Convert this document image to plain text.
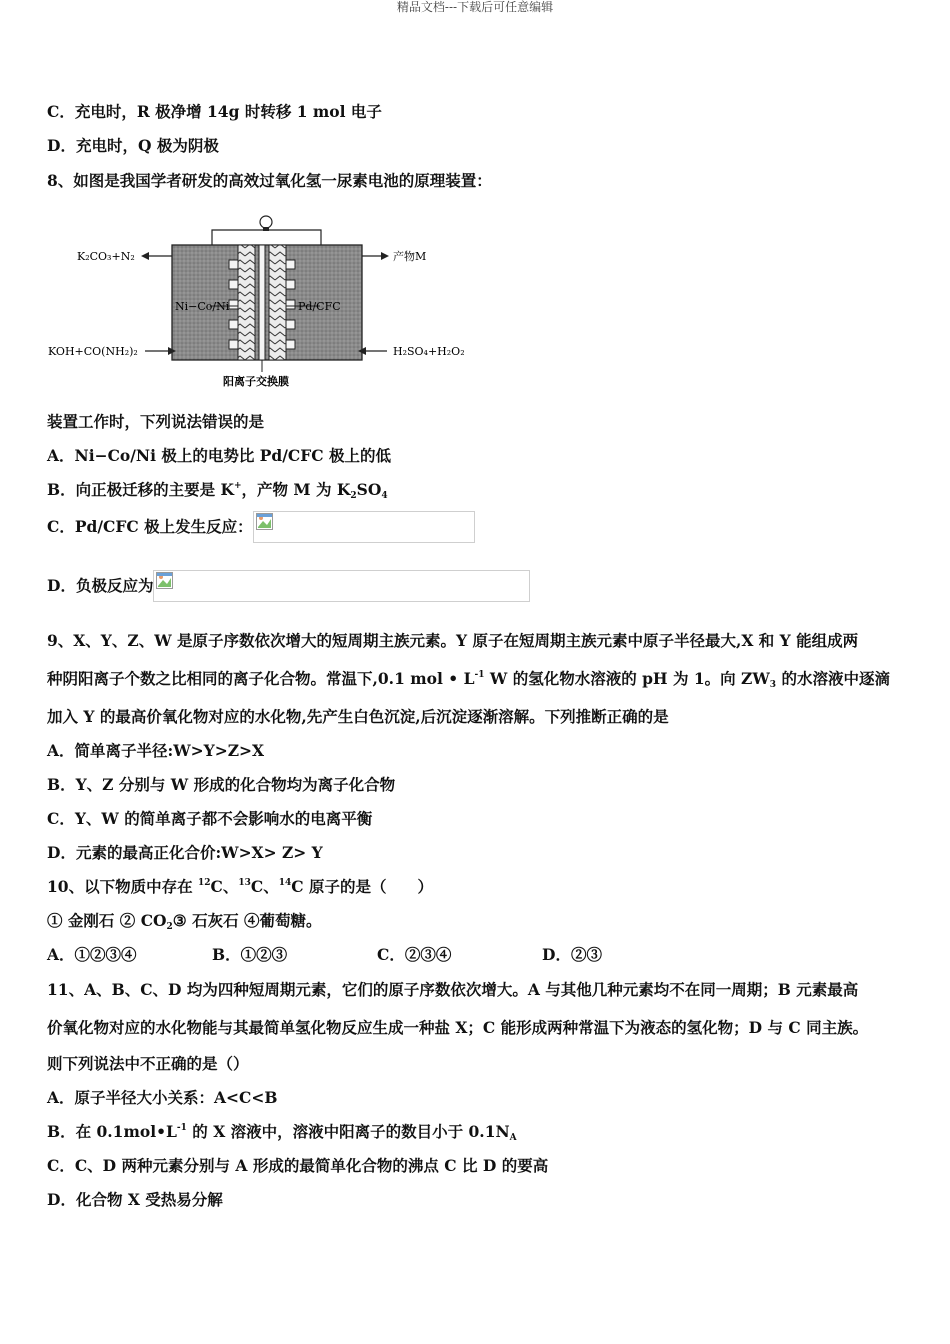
精品文档---下载后可任意编辑
C．充电时，R 极净增 14g 时转移 1 mol 电子
D．充电时，Q 极为阴极
8、如图是我国学者研发的高效过氧化氢一尿素电池的原理装置：
K₂CO₃+N₂
KOH+CO(NH₂)₂
产物M
H₂SO₄+H₂O₂
Ni−Co/Ni	Pd/CFC
阳离子交换膜
装置工作时，下列说法错误的是
A．Ni−Co/Ni 极上的电势比 Pd/CFC 极上的低
B．向正极迁移的主要是 K+，产物 M 为 $K_2SO_4$
C．Pd/CFC 极上发生反应：
D．负极反应为
9、X、Y、Z、W 是原子序数依次增大的短周期主族元素。Y 原子在短周期主族元素中原子半径最大,X 和 Y 能组成两
种阴阳离子个数之比相同的离子化合物。常温下,0.1 mol • $L^{-1}$ W 的氢化物水溶液的 pH 为 1。向 $ZW_3$ 的水溶液中逐滴
加入 Y 的最高价氧化物对应的水化物,先产生白色沉淀,后沉淀逐渐溶解。下列推断正确的是
A．简单离子半径:W>Y>Z>X
B．Y、Z 分别与 W 形成的化合物均为离子化合物
C．Y、W 的简单离子都不会影响水的电离平衡
D．元素的最高正化合价:W>X> Z> Y
10、以下物质中存在 $^{12}$C、$^{13}$C、$^{14}$C 原子的是（　　）
① 金刚石 ② $CO_2③$ 石灰石 ④葡萄糖。
A．①②③④	B．①②③	C．②③④	D．②③
11、A、B、C、D 均为四种短周期元素，它们的原子序数依次增大。A 与其他几种元素均不在同一周期；B 元素最高
价氧化物对应的水化物能与其最简单氢化物反应生成一种盐 X；C 能形成两种常温下为液态的氢化物；D 与 C 同主族。
则下列说法中不正确的是（）
A．原子半径大小关系：A<C<B
B．在 $0.1mol•L^{-1}$ 的 X 溶液中，溶液中阳离子的数目小于 $0.1N_A$
C．C、D 两种元素分别与 A 形成的最简单化合物的沸点 C 比 D 的要高
D．化合物 X 受热易分解
